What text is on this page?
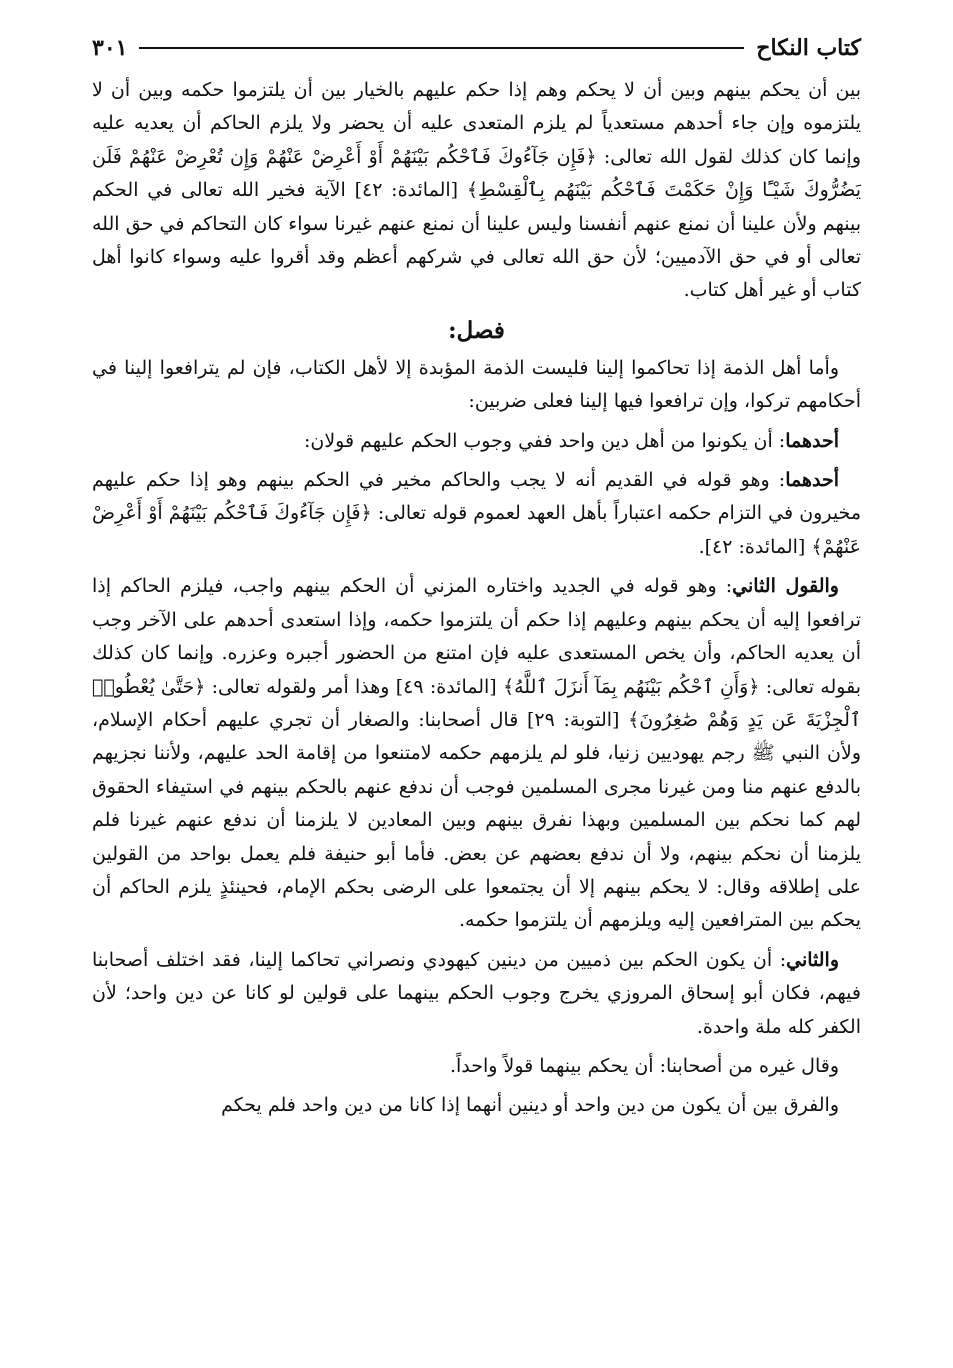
كتاب النكاح
٣٠١

بين أن يحكم بينهم وبين أن لا يحكم وهم إذا حكم عليهم بالخيار بين أن يلتزموا حكمه وبين أن لا يلتزموه وإن جاء أحدهم مستعدياً لم يلزم المتعدى عليه أن يحضر ولا يلزم الحاكم أن يعديه عليه وإنما كان كذلك لقول الله تعالى: ﴿فَإِن جَآءُوكَ فَٱحْكُم بَيْنَهُمْ أَوْ أَعْرِضْ عَنْهُمْ وَإِن تُعْرِضْ عَنْهُمْ فَلَن يَضُرُّوكَ شَيْـًٔا وَإِنْ حَكَمْتَ فَٱحْكُم بَيْنَهُم بِٱلْقِسْطِ﴾ [المائدة: ٤٢] الآية فخير الله تعالى في الحكم بينهم ولأن علينا أن نمنع عنهم أنفسنا وليس علينا أن نمنع عنهم غيرنا سواء كان التحاكم في حق الله تعالى أو في حق الآدميين؛ لأن حق الله تعالى في شركهم أعظم وقد أقروا عليه وسواء كانوا أهل كتاب أو غير أهل كتاب.

فصل:

وأما أهل الذمة إذا تحاكموا إلينا فليست الذمة المؤبدة إلا لأهل الكتاب، فإن لم يترافعوا إلينا في أحكامهم تركوا، وإن ترافعوا فيها إلينا فعلى ضربين:

أحدهما: أن يكونوا من أهل دين واحد ففي وجوب الحكم عليهم قولان:

أحدهما: وهو قوله في القديم أنه لا يجب والحاكم مخير في الحكم بينهم وهو إذا حكم عليهم مخيرون في التزام حكمه اعتباراً بأهل العهد لعموم قوله تعالى: ﴿فَإِن جَآءُوكَ فَٱحْكُم بَيْنَهُمْ أَوْ أَعْرِضْ عَنْهُمْ﴾ [المائدة: ٤٢].

والقول الثاني: وهو قوله في الجديد واختاره المزني أن الحكم بينهم واجب، فيلزم الحاكم إذا ترافعوا إليه أن يحكم بينهم وعليهم إذا حكم أن يلتزموا حكمه، وإذا استعدى أحدهم على الآخر وجب أن يعديه الحاكم، وأن يخص المستعدى عليه فإن امتنع من الحضور أجبره وعزره. وإنما كان كذلك بقوله تعالى: ﴿وَأَنِ ٱحْكُم بَيْنَهُم بِمَآ أَنزَلَ ٱللَّهُ﴾ [المائدة: ٤٩] وهذا أمر ولقوله تعالى: ﴿حَتَّىٰ يُعْطُوا۟ ٱلْجِزْيَةَ عَن يَدٍ وَهُمْ صَٰغِرُونَ﴾ [التوبة: ٢٩] قال أصحابنا: والصغار أن تجري عليهم أحكام الإسلام، ولأن النبي ﷺ رجم يهوديين زنيا، فلو لم يلزمهم حكمه لامتنعوا من إقامة الحد عليهم، ولأننا نجزيهم بالدفع عنهم منا ومن غيرنا مجرى المسلمين فوجب أن ندفع عنهم بالحكم بينهم في استيفاء الحقوق لهم كما نحكم بين المسلمين وبهذا نفرق بينهم وبين المعادين لا يلزمنا أن ندفع عنهم غيرنا فلم يلزمنا أن نحكم بينهم، ولا أن ندفع بعضهم عن بعض. فأما أبو حنيفة فلم يعمل بواحد من القولين على إطلاقه وقال: لا يحكم بينهم إلا أن يجتمعوا على الرضى بحكم الإمام، فحينئذٍ يلزم الحاكم أن يحكم بين المترافعين إليه ويلزمهم أن يلتزموا حكمه.

والثاني: أن يكون الحكم بين ذميين من دينين كيهودي ونصراني تحاكما إلينا، فقد اختلف أصحابنا فيهم، فكان أبو إسحاق المروزي يخرج وجوب الحكم بينهما على قولين لو كانا عن دين واحد؛ لأن الكفر كله ملة واحدة.

وقال غيره من أصحابنا: أن يحكم بينهما قولاً واحداً.

والفرق بين أن يكون من دين واحد أو دينين أنهما إذا كانا من دين واحد فلم يحكم
